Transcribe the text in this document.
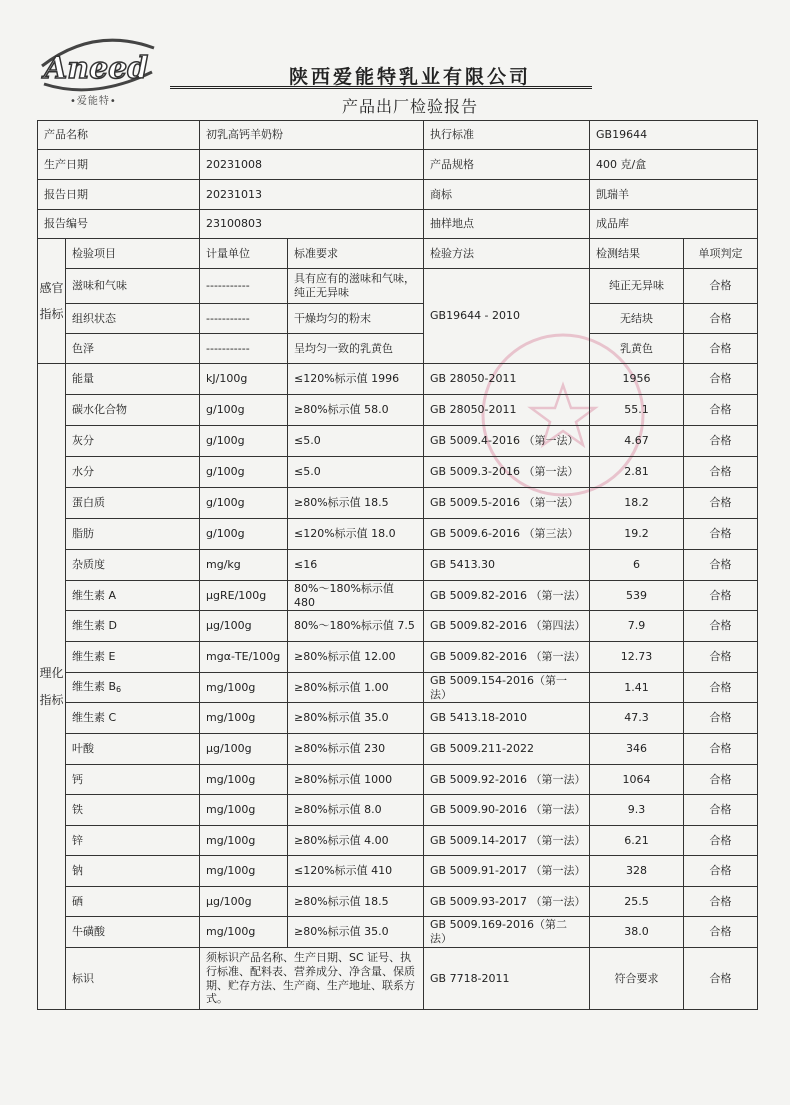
Aneed
•爱能特•
陕西爱能特乳业有限公司
产品出厂检验报告
产品名称		初乳高钙羊奶粉		执行标准	GB19644	
生产日期		20231008		产品规格	400 克/盒	
报告日期		20231013		商标	凯瑞羊	
报告编号		23100803		抽样地点	成品库	
感官指标	检验项目	计量单位	标准要求	检验方法	检测结果	单项判定
	滋味和气味	-----------	具有应有的滋味和气味，纯正无异味	GB19644 - 2010	纯正无异味	合格
	组织状态	-----------	干燥均匀的粉末		无结块	合格
	色泽	-----------	呈均匀一致的乳黄色		乳黄色	合格
理化指标	能量	kJ/100g	≤120%标示值 1996	GB 28050-2011	1956	合格
	碳水化合物	g/100g	≥80%标示值 58.0	GB 28050-2011	55.1	合格
	灰分	g/100g	≤5.0	GB 5009.4-2016 （第一法）	4.67	合格
	水分	g/100g	≤5.0	GB 5009.3-2016 （第一法）	2.81	合格
	蛋白质	g/100g	≥80%标示值 18.5	GB 5009.5-2016 （第一法）	18.2	合格
	脂肪	g/100g	≤120%标示值 18.0	GB 5009.6-2016 （第三法）	19.2	合格
	杂质度	mg/kg	≤16	GB 5413.30	6	合格
	维生素 A	μgRE/100g	80%～180%标示值 480	GB 5009.82-2016 （第一法）	539	合格
	维生素 D	μg/100g	80%～180%标示值 7.5	GB 5009.82-2016 （第四法）	7.9	合格
	维生素 E	mgα-TE/100g	≥80%标示值 12.00	GB 5009.82-2016 （第一法）	12.73	合格
	维生素 $B_6$	mg/100g	≥80%标示值 1.00	GB 5009.154-2016（第一法）	1.41	合格
	维生素 C	mg/100g	≥80%标示值 35.0	GB 5413.18-2010	47.3	合格
	叶酸	μg/100g	≥80%标示值 230	GB 5009.211-2022	346	合格
	钙	mg/100g	≥80%标示值 1000	GB 5009.92-2016 （第一法）	1064	合格
	铁	mg/100g	≥80%标示值 8.0	GB 5009.90-2016 （第一法）	9.3	合格
	锌	mg/100g	≥80%标示值 4.00	GB 5009.14-2017 （第一法）	6.21	合格
	钠	mg/100g	≤120%标示值 410	GB 5009.91-2017 （第一法）	328	合格
	硒	μg/100g	≥80%标示值 18.5	GB 5009.93-2017 （第一法）	25.5	合格
	牛磺酸	mg/100g	≥80%标示值 35.0	GB 5009.169-2016（第二法）	38.0	合格
	标识	须标识产品名称、生产日期、SC 证号、执行标准、配料表、营养成分、净含量、保质期、贮存方法、生产商、生产地址、联系方式。		GB 7718-2011	符合要求	合格
